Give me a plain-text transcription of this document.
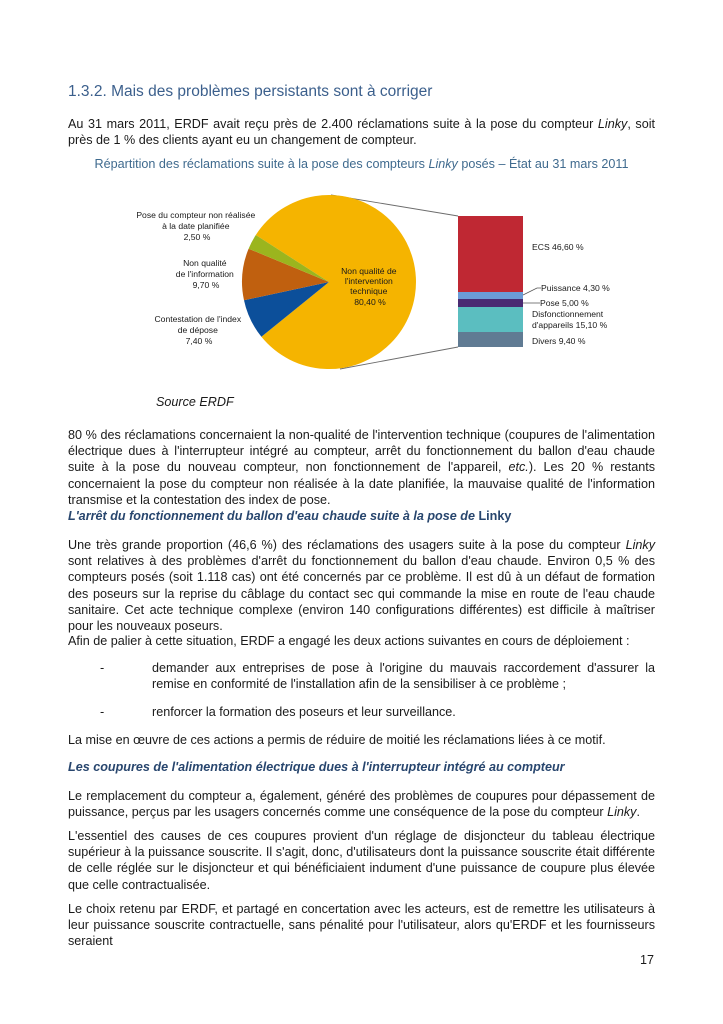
1.3.2. Mais des problèmes persistants sont à corriger

Au 31 mars 2011, ERDF avait reçu près de 2.400 réclamations suite à la pose du compteur Linky, soit près de 1 % des clients ayant eu un changement de compteur.

Répartition des réclamations suite à la pose des compteurs Linky posés – État au 31 mars 2011

Non qualité de l'intervention technique 80,40 %
Pose du compteur non réalisée à la date planifiée 2,50 %
Non qualité de l'information 9,70 %
Contestation de l'index de dépose 7,40 %
ECS 46,60 %
Puissance 4,30 %
Pose 5,00 %
Disfonctionnement
d'appareils 15,10 %
Divers 9,40 %

Source ERDF

80 % des réclamations concernaient la non-qualité de l'intervention technique (coupures de l'alimentation électrique dues à l'interrupteur intégré au compteur, arrêt du fonctionnement du ballon d'eau chaude suite à la pose du nouveau compteur, non fonctionnement de l'appareil, etc.). Les 20 % restants concernaient la pose du compteur non réalisée à la date planifiée, la mauvaise qualité de l'information transmise et la contestation des index de pose.

L'arrêt du fonctionnement du ballon d'eau chaude suite à la pose de Linky

Une très grande proportion (46,6 %) des réclamations des usagers suite à la pose du compteur Linky sont relatives à des problèmes d'arrêt du fonctionnement du ballon d'eau chaude. Environ 0,5 % des compteurs posés (soit 1.118 cas) ont été concernés par ce problème. Il est dû à un défaut de formation des poseurs sur la reprise du câblage du contact sec qui commande la mise en route de l'eau chaude sanitaire. Cet acte technique complexe (environ 140 configurations différentes) est difficile à maîtriser pour les nouveaux poseurs.

Afin de palier à cette situation, ERDF a engagé les deux actions suivantes en cours de déploiement :

-	demander aux entreprises de pose à l'origine du mauvais raccordement d'assurer la remise en conformité de l'installation afin de la sensibiliser à ce problème ;
-	renforcer la formation des poseurs et leur surveillance.

La mise en œuvre de ces actions a permis de réduire de moitié les réclamations liées à ce motif.

Les coupures de l'alimentation électrique dues à l'interrupteur intégré au compteur

Le remplacement du compteur a, également, généré des problèmes de coupures pour dépassement de puissance, perçus par les usagers concernés comme une conséquence de la pose du compteur Linky.

L'essentiel des causes de ces coupures provient d'un réglage de disjoncteur du tableau électrique supérieur à la puissance souscrite. Il s'agit, donc, d'utilisateurs dont la puissance souscrite était différente de celle réglée sur le disjoncteur et qui bénéficiaient indument d'une puissance de coupure plus élevée que celle contractualisée.

Le choix retenu par ERDF, et partagé en concertation avec les acteurs, est de remettre les utilisateurs à leur puissance souscrite contractuelle, sans pénalité pour l'utilisateur, alors qu'ERDF et les fournisseurs seraient

17
